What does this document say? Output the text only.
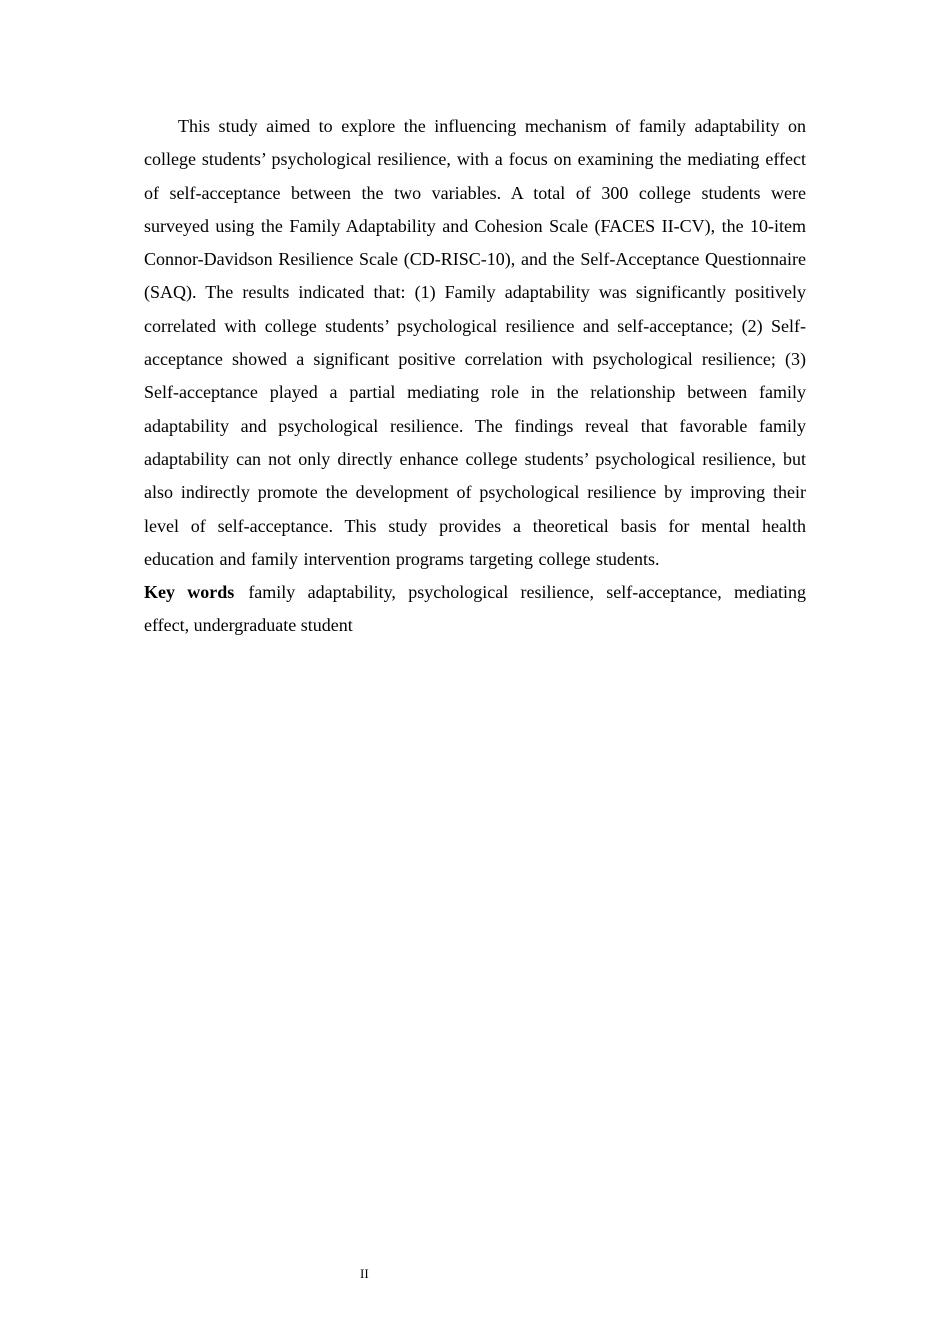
This study aimed to explore the influencing mechanism of family adaptability on college students’ psychological resilience, with a focus on examining the mediating effect of self-acceptance between the two variables. A total of 300 college students were surveyed using the Family Adaptability and Cohesion Scale (FACES II-CV), the 10-item Connor-Davidson Resilience Scale (CD-RISC-10), and the Self-Acceptance Questionnaire (SAQ). The results indicated that: (1) Family adaptability was significantly positively correlated with college students’ psychological resilience and self-acceptance; (2) Self-acceptance showed a significant positive correlation with psychological resilience; (3) Self-acceptance played a partial mediating role in the relationship between family adaptability and psychological resilience. The findings reveal that favorable family adaptability can not only directly enhance college students’ psychological resilience, but also indirectly promote the development of psychological resilience by improving their level of self-acceptance. This study provides a theoretical basis for mental health education and family intervention programs targeting college students.

Key words family adaptability, psychological resilience, self-acceptance, mediating effect, undergraduate student

II
